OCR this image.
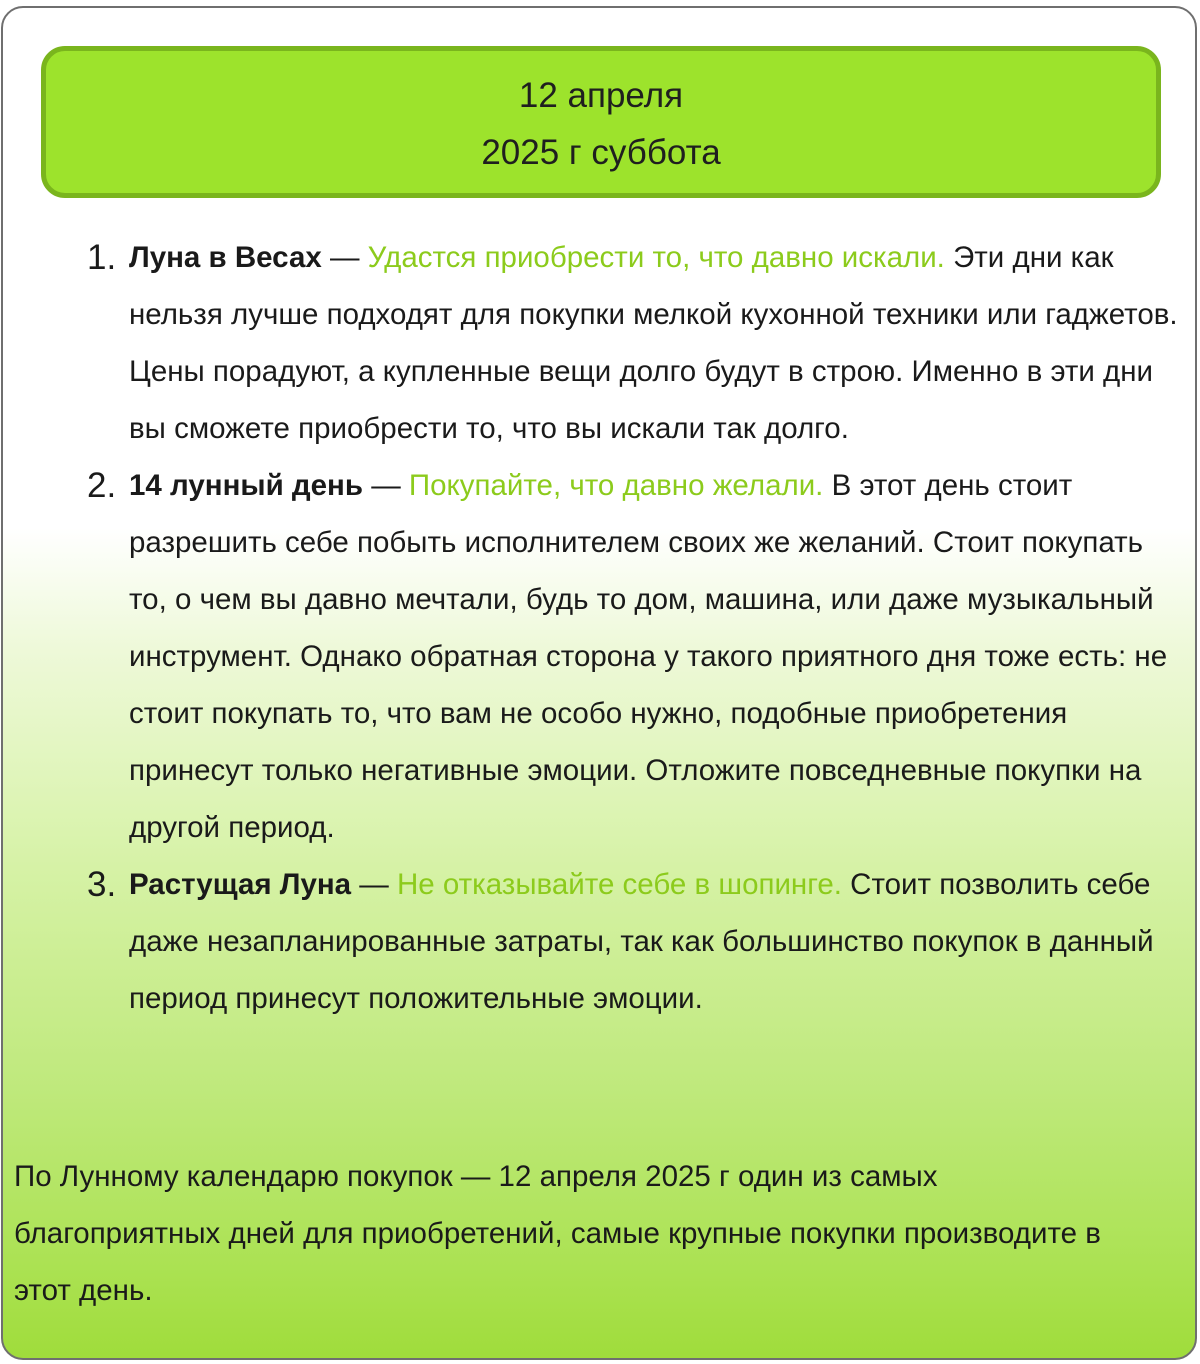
12 апреля
2025 г суббота
1. Луна в Весах — Удастся приобрести то, что давно искали. Эти дни как нельзя лучше подходят для покупки мелкой кухонной техники или гаджетов. Цены порадуют, а купленные вещи долго будут в строю. Именно в эти дни вы сможете приобрести то, что вы искали так долго.
2. 14 лунный день — Покупайте, что давно желали. В этот день стоит разрешить себе побыть исполнителем своих же желаний. Стоит покупать то, о чем вы давно мечтали, будь то дом, машина, или даже музыкальный инструмент. Однако обратная сторона у такого приятного дня тоже есть: не стоит покупать то, что вам не особо нужно, подобные приобретения принесут только негативные эмоции. Отложите повседневные покупки на другой период.
3. Растущая Луна — Не отказывайте себе в шопинге. Стоит позволить себе даже незапланированные затраты, так как большинство покупок в данный период принесут положительные эмоции.

По Лунному календарю покупок — 12 апреля 2025 г один из самых благоприятных дней для приобретений, самые крупные покупки производите в этот день.
